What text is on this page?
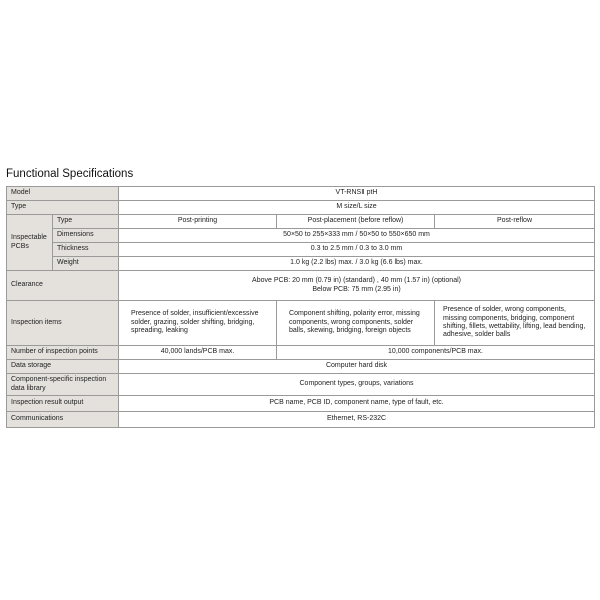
Functional Specifications
Model		VT-RNSⅡ ptH		
Type		M size/L size		
Inspectable PCBs	Type	Post-printing	Post-placement (before reflow)	Post-reflow
	Dimensions	50×50 to 255×333 mm / 50×50 to 550×650 mm		
	Thickness	0.3 to 2.5 mm / 0.3 to 3.0 mm		
	Weight	1.0 kg (2.2 lbs) max. / 3.0 kg (6.6 lbs) max.		
Clearance		Above PCB: 20 mm (0.79 in) (standard) , 40 mm (1.57 in) (optional)
Below PCB: 75 mm (2.95 in)		

Inspection items		Presence of solder, insufficient/excessive solder, grazing, solder shifting, bridging, spreading, leaking	Component shifting, polarity error, missing components, wrong components, solder balls, skewing, bridging, foreign objects	Presence of solder, wrong components, missing components, bridging, component shifting, fillets, wettability, lifting, lead bending, adhesive, solder balls
Number of inspection points		40,000 lands/PCB max.	10,000 components/PCB max.	
Data storage		Computer hard disk		
Component-specific inspection data library		Component types, groups, variations		
Inspection result output		PCB name, PCB ID, component name, type of fault, etc.		
Communications		Ethernet, RS-232C		
